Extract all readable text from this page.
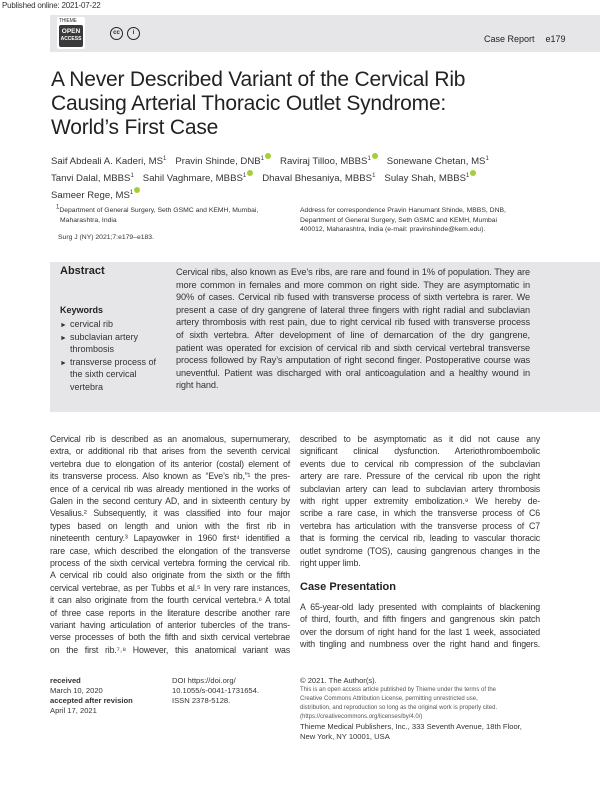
Published online: 2021-07-22
THIEME
OPEN
ACCESS
cc	i
Case Report e179
A Never Described Variant of the Cervical Rib
Causing Arterial Thoracic Outlet Syndrome:
World’s First Case
Saif Abdeali A. Kaderi, $MS^1$ Pravin Shinde, DNB$^1$ Raviraj Tilloo, MBBS$^1$ Sonewane Chetan, $MS^1$
Tanvi Dalal, MBBS$^1$ Sahil Vaghmare, MBBS$^1$ Dhaval Bhesaniya, MBBS$^1$ Sulay Shah, MBBS$^1$
Sameer Rege, $MS^1$
$^1$Department of General Surgery, Seth GSMC and KEMH, Mumbai,
Maharashtra, India
Surg J (NY) 2021;7:e179–e183.
Address for correspondence Pravin Hanumant Shinde, MBBS, DNB,
Department of General Surgery, Seth GSMC and KEMH, Mumbai
400012, Maharashtra, India (e-mail: pravinshinde@kem.edu).
Abstract
Keywords
► cervical rib
► subclavian artery
thrombosis
► transverse process of
the sixth cervical
vertebra
Cervical ribs, also known as Eve’s ribs, are rare and found in 1% of population. They are
more common in females and more common on right side. They are asymptomatic in
90% of cases. Cervical rib fused with transverse process of sixth vertebra is rarer. We
present a case of dry gangrene of lateral three fingers with right radial and subclavian
artery thrombosis with rest pain, due to right cervical rib fused with transverse process
of sixth vertebra. After development of line of demarcation of the dry gangrene,
patient was operated for excision of cervical rib and sixth cervical vertebral transverse
process followed by Ray’s amputation of right second finger. Postoperative course was
uneventful. Patient was discharged with oral anticoagulation and a healthy wound in
right hand.
Cervical rib is described as an anomalous, supernumerary,
extra, or additional rib that arises from the seventh cervical
vertebra due to elongation of its anterior (costal) element of
its transverse process. Also known as “Eve’s rib,”¹ the pres-
ence of a cervical rib was already mentioned in the works of
Galen in the second century AD, and in sixteenth century by
Vesalius.² Subsequently, it was classified into four major
types based on length and union with the first rib in
nineteenth century.³ Lapayowker in 1960 first⁴ identified a
rare case, which described the elongation of the transverse
process of the sixth cervical vertebra forming the cervical rib.
A cervical rib could also originate from the sixth or the fifth
cervical vertebrae, as per Tubbs et al.⁵ In very rare instances,
it can also originate from the fourth cervical vertebra.⁶ A total
of three case reports in the literature describe another rare
variant having articulation of anterior tubercles of the trans-
verse processes of both the fifth and sixth cervical vertebrae
on the first rib.⁷˒⁸ However, this anatomical variant was
described to be asymptomatic as it did not cause any
significant clinical dysfunction. Arteriothromboembolic
events due to cervical rib compression of the subclavian
artery are rare. Pressure of the cervical rib upon the right
subclavian artery can lead to subclavian artery thrombosis
with right upper extremity embolization.⁹ We hereby de-
scribe a rare case, in which the transverse process of C6
vertebra has articulation with the transverse process of C7
that is forming the cervical rib, leading to vascular thoracic
outlet syndrome (TOS), causing gangrenous changes in the
right upper limb.
Case Presentation
A 65-year-old lady presented with complaints of blackening
of third, fourth, and fifth fingers and gangrenous skin patch
over the dorsum of right hand for the last 1 week, associated
with tingling and numbness over the right hand and fingers.
received
March 10, 2020
accepted after revision
April 17, 2021
DOI https://doi.org/
10.1055/s-0041-1731654.
ISSN 2378-5128.
© 2021. The Author(s).
This is an open access article published by Thieme under the terms of the
Creative Commons Attribution License, permitting unrestricted use,
distribution, and reproduction so long as the original work is properly cited.
(https://creativecommons.org/licenses/by/4.0/)
Thieme Medical Publishers, Inc., 333 Seventh Avenue, 18th Floor,
New York, NY 10001, USA
